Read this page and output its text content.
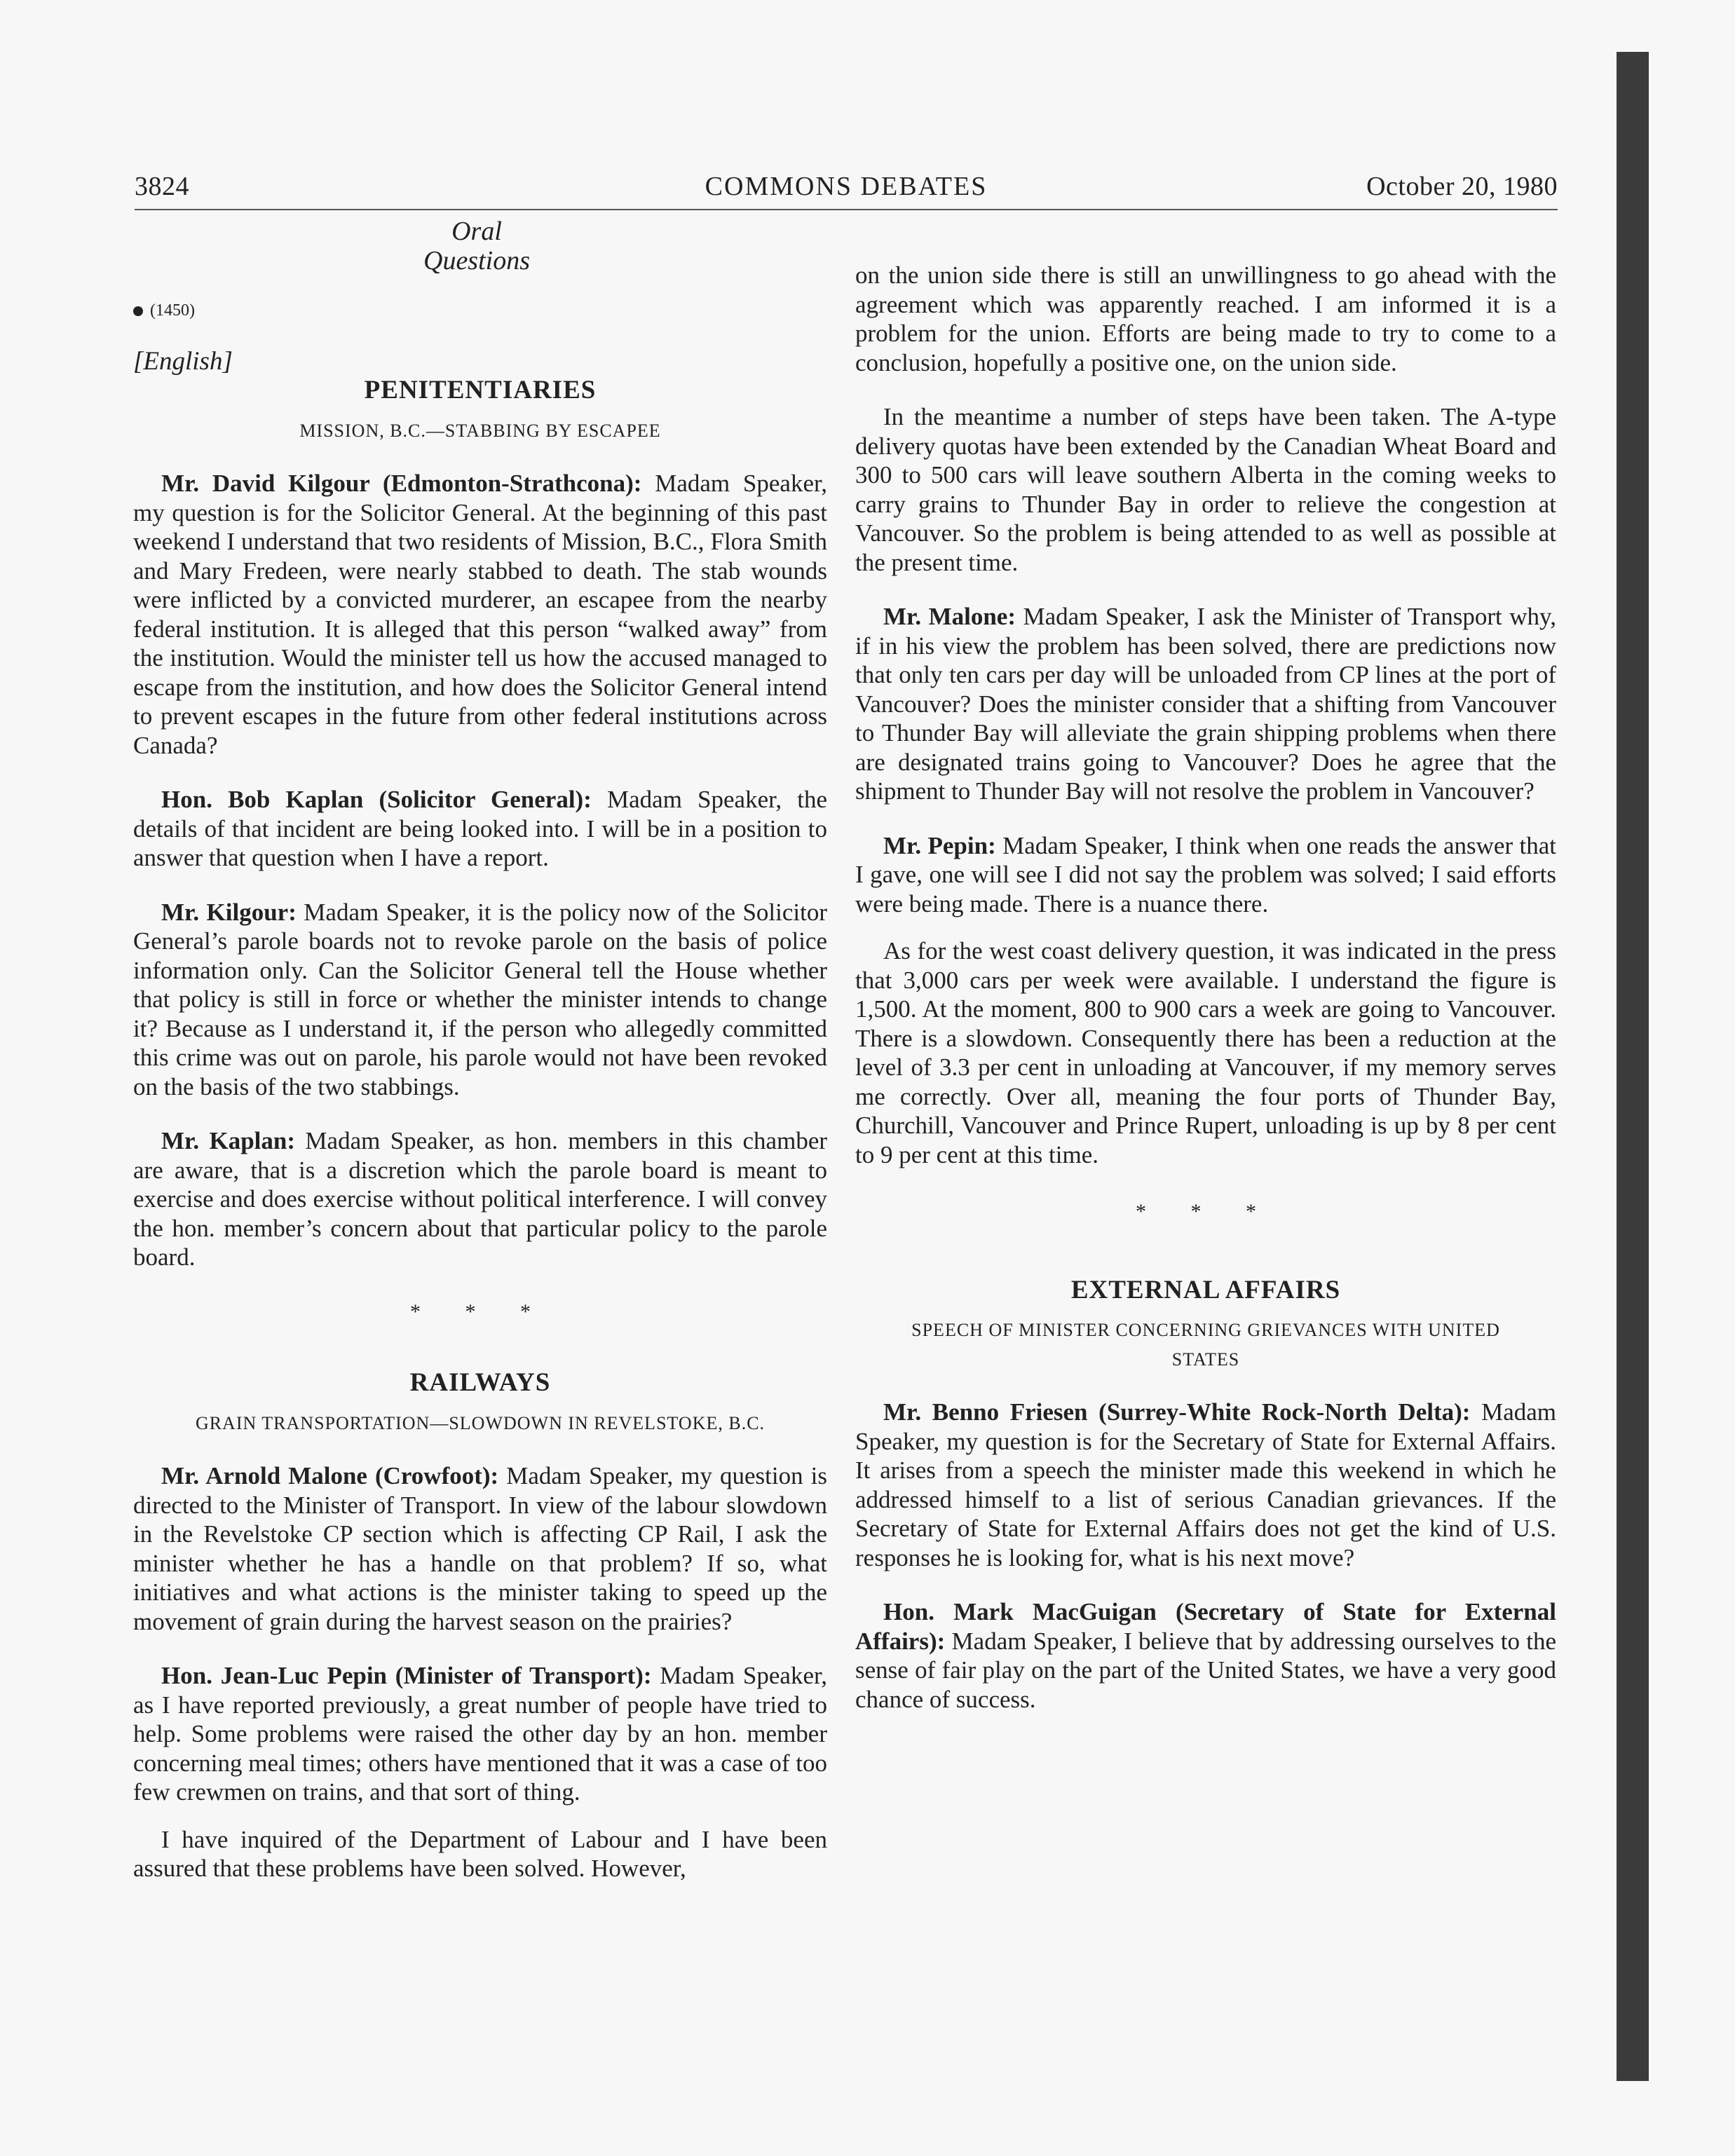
3824	COMMONS DEBATES	October 20, 1980
Oral Questions
(1450)
[English]
PENITENTIARIES
MISSION, B.C.—STABBING BY ESCAPEE

Mr. David Kilgour (Edmonton-Strathcona): Madam Speaker, my question is for the Solicitor General. At the beginning of this past weekend I understand that two residents of Mission, B.C., Flora Smith and Mary Fredeen, were nearly stabbed to death. The stab wounds were inflicted by a convicted murderer, an escapee from the nearby federal institution. It is alleged that this person “walked away” from the institution. Would the minister tell us how the accused managed to escape from the institution, and how does the Solicitor General intend to prevent escapes in the future from other federal institutions across Canada?

Hon. Bob Kaplan (Solicitor General): Madam Speaker, the details of that incident are being looked into. I will be in a position to answer that question when I have a report.

Mr. Kilgour: Madam Speaker, it is the policy now of the Solicitor General’s parole boards not to revoke parole on the basis of police information only. Can the Solicitor General tell the House whether that policy is still in force or whether the minister intends to change it? Because as I understand it, if the person who allegedly committed this crime was out on parole, his parole would not have been revoked on the basis of the two stabbings.

Mr. Kaplan: Madam Speaker, as hon. members in this chamber are aware, that is a discretion which the parole board is meant to exercise and does exercise without political interference. I will convey the hon. member’s concern about that particular policy to the parole board.

* * *
RAILWAYS
GRAIN TRANSPORTATION—SLOWDOWN IN REVELSTOKE, B.C.

Mr. Arnold Malone (Crowfoot): Madam Speaker, my question is directed to the Minister of Transport. In view of the labour slowdown in the Revelstoke CP section which is affecting CP Rail, I ask the minister whether he has a handle on that problem? If so, what initiatives and what actions is the minister taking to speed up the movement of grain during the harvest season on the prairies?

Hon. Jean-Luc Pepin (Minister of Transport): Madam Speaker, as I have reported previously, a great number of people have tried to help. Some problems were raised the other day by an hon. member concerning meal times; others have mentioned that it was a case of too few crewmen on trains, and that sort of thing.

I have inquired of the Department of Labour and I have been assured that these problems have been solved. However,

on the union side there is still an unwillingness to go ahead with the agreement which was apparently reached. I am informed it is a problem for the union. Efforts are being made to try to come to a conclusion, hopefully a positive one, on the union side.

In the meantime a number of steps have been taken. The A-type delivery quotas have been extended by the Canadian Wheat Board and 300 to 500 cars will leave southern Alberta in the coming weeks to carry grains to Thunder Bay in order to relieve the congestion at Vancouver. So the problem is being attended to as well as possible at the present time.

Mr. Malone: Madam Speaker, I ask the Minister of Transport why, if in his view the problem has been solved, there are predictions now that only ten cars per day will be unloaded from CP lines at the port of Vancouver? Does the minister consider that a shifting from Vancouver to Thunder Bay will alleviate the grain shipping problems when there are designated trains going to Vancouver? Does he agree that the shipment to Thunder Bay will not resolve the problem in Vancouver?

Mr. Pepin: Madam Speaker, I think when one reads the answer that I gave, one will see I did not say the problem was solved; I said efforts were being made. There is a nuance there.

As for the west coast delivery question, it was indicated in the press that 3,000 cars per week were available. I understand the figure is 1,500. At the moment, 800 to 900 cars a week are going to Vancouver. There is a slowdown. Consequently there has been a reduction at the level of 3.3 per cent in unloading at Vancouver, if my memory serves me correctly. Over all, meaning the four ports of Thunder Bay, Churchill, Vancouver and Prince Rupert, unloading is up by 8 per cent to 9 per cent at this time.

* * *
EXTERNAL AFFAIRS
SPEECH OF MINISTER CONCERNING GRIEVANCES WITH UNITED STATES

Mr. Benno Friesen (Surrey-White Rock-North Delta): Madam Speaker, my question is for the Secretary of State for External Affairs. It arises from a speech the minister made this weekend in which he addressed himself to a list of serious Canadian grievances. If the Secretary of State for External Affairs does not get the kind of U.S. responses he is looking for, what is his next move?

Hon. Mark MacGuigan (Secretary of State for External Affairs): Madam Speaker, I believe that by addressing ourselves to the sense of fair play on the part of the United States, we have a very good chance of success.
